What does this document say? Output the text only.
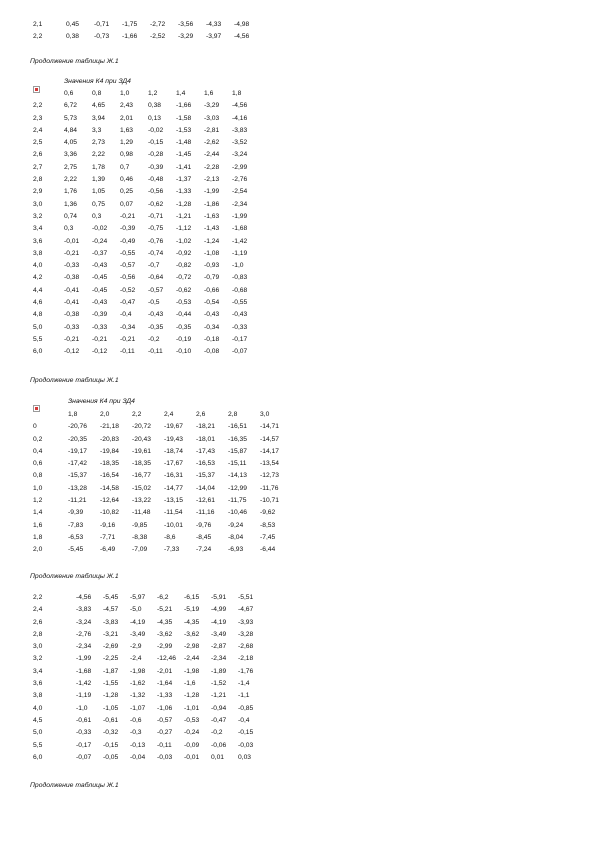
2,1	0,45	-0,71	-1,75	-2,72	-3,56	-4,33	-4,98
2,2	0,38	-0,73	-1,66	-2,52	-3,29	-3,97	-4,56
Продолжение таблицы Ж.1
Значения К4 при ЗД4
	0,6	0,8	1,0	1,2	1,4	1,6	1,8
2,2	6,72	4,65	2,43	0,38	-1,66	-3,29	-4,56
2,3	5,73	3,94	2,01	0,13	-1,58	-3,03	-4,16
2,4	4,84	3,3	1,63	-0,02	-1,53	-2,81	-3,83
2,5	4,05	2,73	1,29	-0,15	-1,48	-2,62	-3,52
2,6	3,36	2,22	0,98	-0,28	-1,45	-2,44	-3,24
2,7	2,75	1,78	0,7	-0,39	-1,41	-2,28	-2,99
2,8	2,22	1,39	0,46	-0,48	-1,37	-2,13	-2,76
2,9	1,76	1,05	0,25	-0,56	-1,33	-1,99	-2,54
3,0	1,36	0,75	0,07	-0,62	-1,28	-1,86	-2,34
3,2	0,74	0,3	-0,21	-0,71	-1,21	-1,63	-1,99
3,4	0,3	-0,02	-0,39	-0,75	-1,12	-1,43	-1,68
3,6	-0,01	-0,24	-0,49	-0,76	-1,02	-1,24	-1,42
3,8	-0,21	-0,37	-0,55	-0,74	-0,92	-1,08	-1,19
4,0	-0,33	-0,43	-0,57	-0,7	-0,82	-0,93	-1,0
4,2	-0,38	-0,45	-0,56	-0,64	-0,72	-0,79	-0,83
4,4	-0,41	-0,45	-0,52	-0,57	-0,62	-0,66	-0,68
4,6	-0,41	-0,43	-0,47	-0,5	-0,53	-0,54	-0,55
4,8	-0,38	-0,39	-0,4	-0,43	-0,44	-0,43	-0,43
5,0	-0,33	-0,33	-0,34	-0,35	-0,35	-0,34	-0,33
5,5	-0,21	-0,21	-0,21	-0,2	-0,19	-0,18	-0,17
6,0	-0,12	-0,12	-0,11	-0,11	-0,10	-0,08	-0,07
Продолжение таблицы Ж.1
Значения К4 при ЗД4
	1,8	2,0	2,2	2,4	2,6	2,8	3,0
0	-20,76	-21,18	-20,72	-19,67	-18,21	-16,51	-14,71
0,2	-20,35	-20,83	-20,43	-19,43	-18,01	-16,35	-14,57
0,4	-19,17	-19,84	-19,61	-18,74	-17,43	-15,87	-14,17
0,6	-17,42	-18,35	-18,35	-17,67	-16,53	-15,11	-13,54
0,8	-15,37	-16,54	-16,77	-16,31	-15,37	-14,13	-12,73
1,0	-13,28	-14,58	-15,02	-14,77	-14,04	-12,99	-11,76
1,2	-11,21	-12,64	-13,22	-13,15	-12,61	-11,75	-10,71
1,4	-9,39	-10,82	-11,48	-11,54	-11,16	-10,46	-9,62
1,6	-7,83	-9,16	-9,85	-10,01	-9,76	-9,24	-8,53
1,8	-6,53	-7,71	-8,38	-8,6	-8,45	-8,04	-7,45
2,0	-5,45	-6,49	-7,09	-7,33	-7,24	-6,93	-6,44
Продолжение таблицы Ж.1
2,2	-4,56	-5,45	-5,97	-6,2	-6,15	-5,91	-5,51
2,4	-3,83	-4,57	-5,0	-5,21	-5,19	-4,99	-4,67
2,6	-3,24	-3,83	-4,19	-4,35	-4,35	-4,19	-3,93
2,8	-2,76	-3,21	-3,49	-3,62	-3,62	-3,49	-3,28
3,0	-2,34	-2,69	-2,9	-2,99	-2,98	-2,87	-2,68
3,2	-1,99	-2,25	-2,4	-12,46	-2,44	-2,34	-2,18
3,4	-1,68	-1,87	-1,98	-2,01	-1,98	-1,89	-1,76
3,6	-1,42	-1,55	-1,62	-1,64	-1,6	-1,52	-1,4
3,8	-1,19	-1,28	-1,32	-1,33	-1,28	-1,21	-1,1
4,0	-1,0	-1,05	-1,07	-1,06	-1,01	-0,94	-0,85
4,5	-0,61	-0,61	-0,6	-0,57	-0,53	-0,47	-0,4
5,0	-0,33	-0,32	-0,3	-0,27	-0,24	-0,2	-0,15
5,5	-0,17	-0,15	-0,13	-0,11	-0,09	-0,06	-0,03
6,0	-0,07	-0,05	-0,04	-0,03	-0,01	0,01	0,03
Продолжение таблицы Ж.1
